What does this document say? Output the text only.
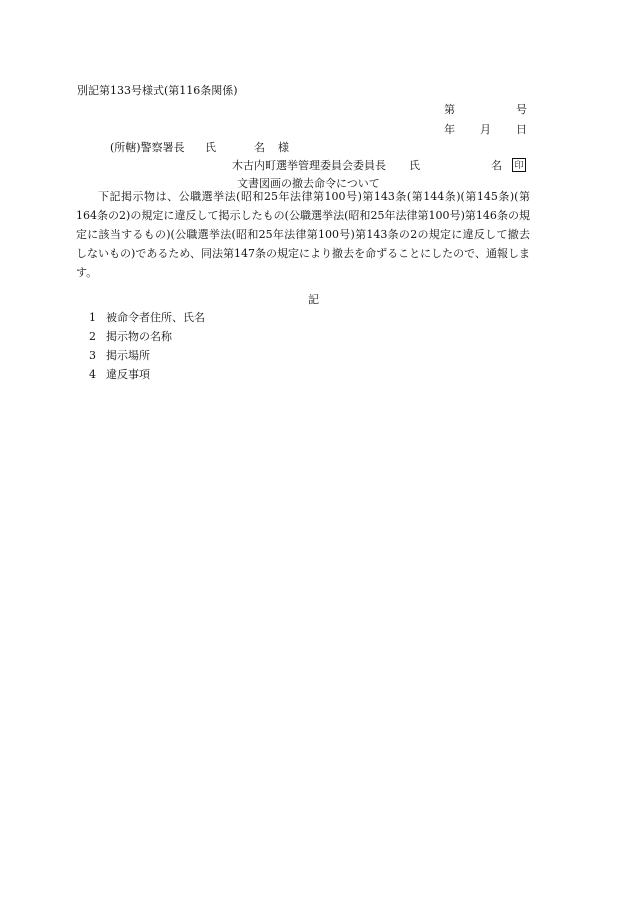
別記第133号様式(第116条関係)
第	号
年 月 日
(所轄)警察署長 氏	名 様
木古内町選挙管理委員会委員長 氏	名 印
文書図画の撤去命令について
下記掲示物は、公職選挙法(昭和25年法律第100号)第143条(第144条)(第145条)(第164条の2)の規定に違反して掲示したもの(公職選挙法(昭和25年法律第100号)第146条の規定に該当するもの)(公職選挙法(昭和25年法律第100号)第143条の2の規定に違反して撤去しないもの)であるため、同法第147条の規定により撤去を命ずることにしたので、通報します。
記
1 被命令者住所、氏名
2 掲示物の名称
3 掲示場所
4 違反事項
